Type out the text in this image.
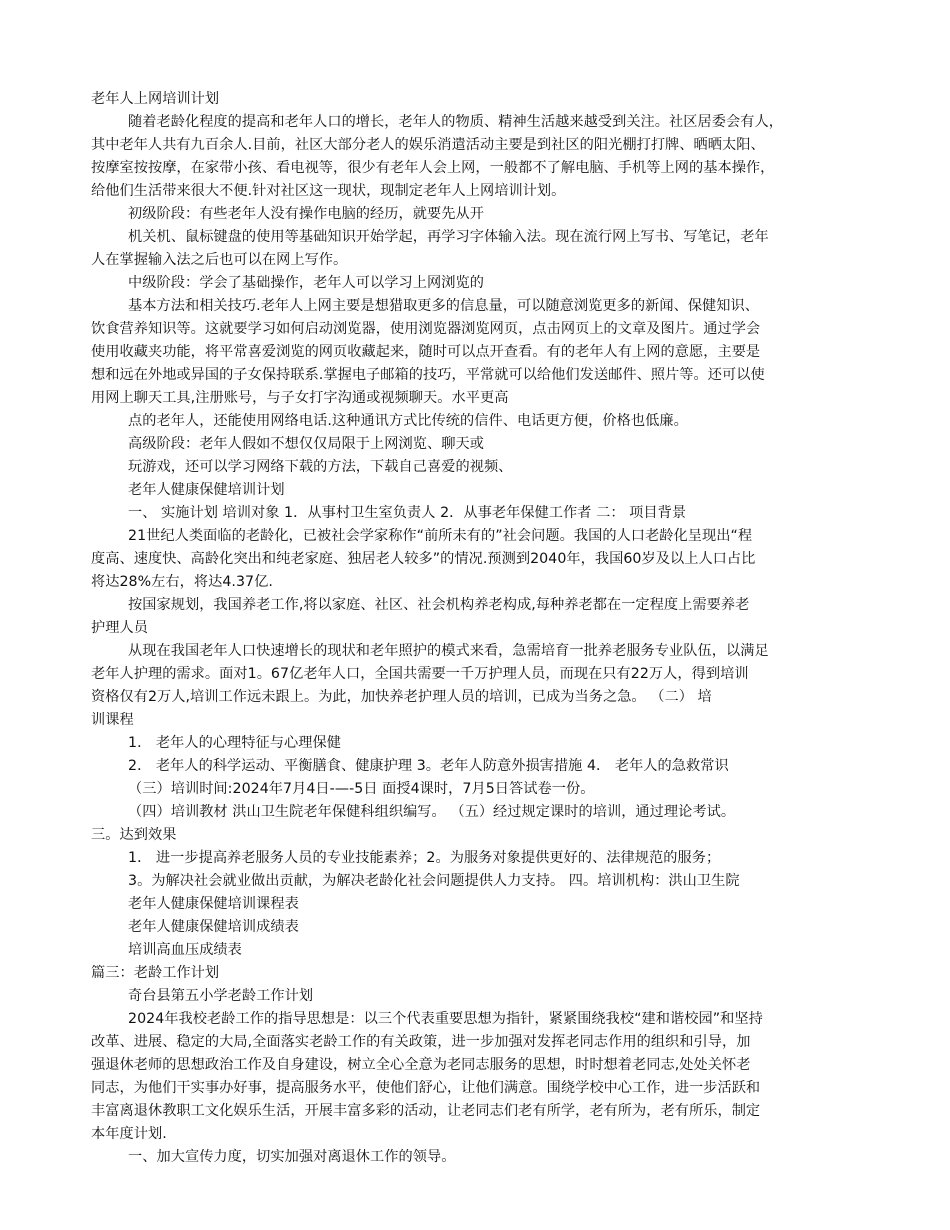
老年人上网培训计划
随着老龄化程度的提高和老年人口的增长，老年人的物质、精神生活越来越受到关注。社区居委会有人，
其中老年人共有九百余人.目前，社区大部分老人的娱乐消遣活动主要是到社区的阳光棚打打牌、晒晒太阳、
按摩室按按摩，在家带小孩、看电视等，很少有老年人会上网，一般都不了解电脑、手机等上网的基本操作，
给他们生活带来很大不便.针对社区这一现状，现制定老年人上网培训计划。
初级阶段：有些老年人没有操作电脑的经历，就要先从开
机关机、鼠标键盘的使用等基础知识开始学起，再学习字体输入法。现在流行网上写书、写笔记，老年
人在掌握输入法之后也可以在网上写作。
中级阶段：学会了基础操作，老年人可以学习上网浏览的
基本方法和相关技巧.老年人上网主要是想猎取更多的信息量，可以随意浏览更多的新闻、保健知识、
饮食营养知识等。这就要学习如何启动浏览器，使用浏览器浏览网页，点击网页上的文章及图片。通过学会
使用收藏夹功能，将平常喜爱浏览的网页收藏起来，随时可以点开查看。有的老年人有上网的意愿，主要是
想和远在外地或异国的子女保持联系.掌握电子邮箱的技巧，平常就可以给他们发送邮件、照片等。还可以使
用网上聊天工具,注册账号，与子女打字沟通或视频聊天。水平更高
点的老年人，还能使用网络电话.这种通讯方式比传统的信件、电话更方便，价格也低廉。
高级阶段：老年人假如不想仅仅局限于上网浏览、聊天或
玩游戏，还可以学习网络下载的方法，下载自己喜爱的视频、
老年人健康保健培训计划
一、 实施计划 培训对象 1．从事村卫生室负责人 2．从事老年保健工作者 二： 项目背景
21世纪人类面临的老龄化，已被社会学家称作“前所未有的”社会问题。我国的人口老龄化呈现出“程
度高、速度快、高龄化突出和纯老家庭、独居老人较多”的情况.预测到2040年，我国60岁及以上人口占比
将达28%左右，将达4.37亿.
按国家规划，我国养老工作,将以家庭、社区、社会机构养老构成,每种养老都在一定程度上需要养老
护理人员
从现在我国老年人口快速增长的现状和老年照护的模式来看，急需培育一批养老服务专业队伍，以满足
老年人护理的需求。面对1。67亿老年人口，全国共需要一千万护理人员，而现在只有22万人，得到培训
资格仅有2万人,培训工作远未跟上。为此，加快养老护理人员的培训，已成为当务之急。 （二） 培
训课程
1． 老年人的心理特征与心理保健
2． 老年人的科学运动、平衡膳食、健康护理 3。老年人防意外损害措施 4． 老年人的急救常识
（三）培训时间:2024年7月4日-—-5日 面授4课时，7月5日答试卷一份。
（四）培训教材 洪山卫生院老年保健科组织编写。 （五）经过规定课时的培训，通过理论考试。
三。达到效果
1． 进一步提高养老服务人员的专业技能素养；2。为服务对象提供更好的、法律规范的服务；
3。为解决社会就业做出贡献，为解决老龄化社会问题提供人力支持。 四。培训机构：洪山卫生院
老年人健康保健培训课程表
老年人健康保健培训成绩表
培训高血压成绩表
篇三：老龄工作计划
奇台县第五小学老龄工作计划
2024年我校老龄工作的指导思想是：以三个代表重要思想为指针，紧紧围绕我校“建和谐校园”和坚持
改革、进展、稳定的大局,全面落实老龄工作的有关政策，进一步加强对发挥老同志作用的组织和引导，加
强退休老师的思想政治工作及自身建设，树立全心全意为老同志服务的思想，时时想着老同志,处处关怀老
同志，为他们干实事办好事，提高服务水平，使他们舒心，让他们满意。围绕学校中心工作，进一步活跃和
丰富离退休教职工文化娱乐生活，开展丰富多彩的活动，让老同志们老有所学，老有所为，老有所乐，制定
本年度计划.
一、加大宣传力度，切实加强对离退休工作的领导。
